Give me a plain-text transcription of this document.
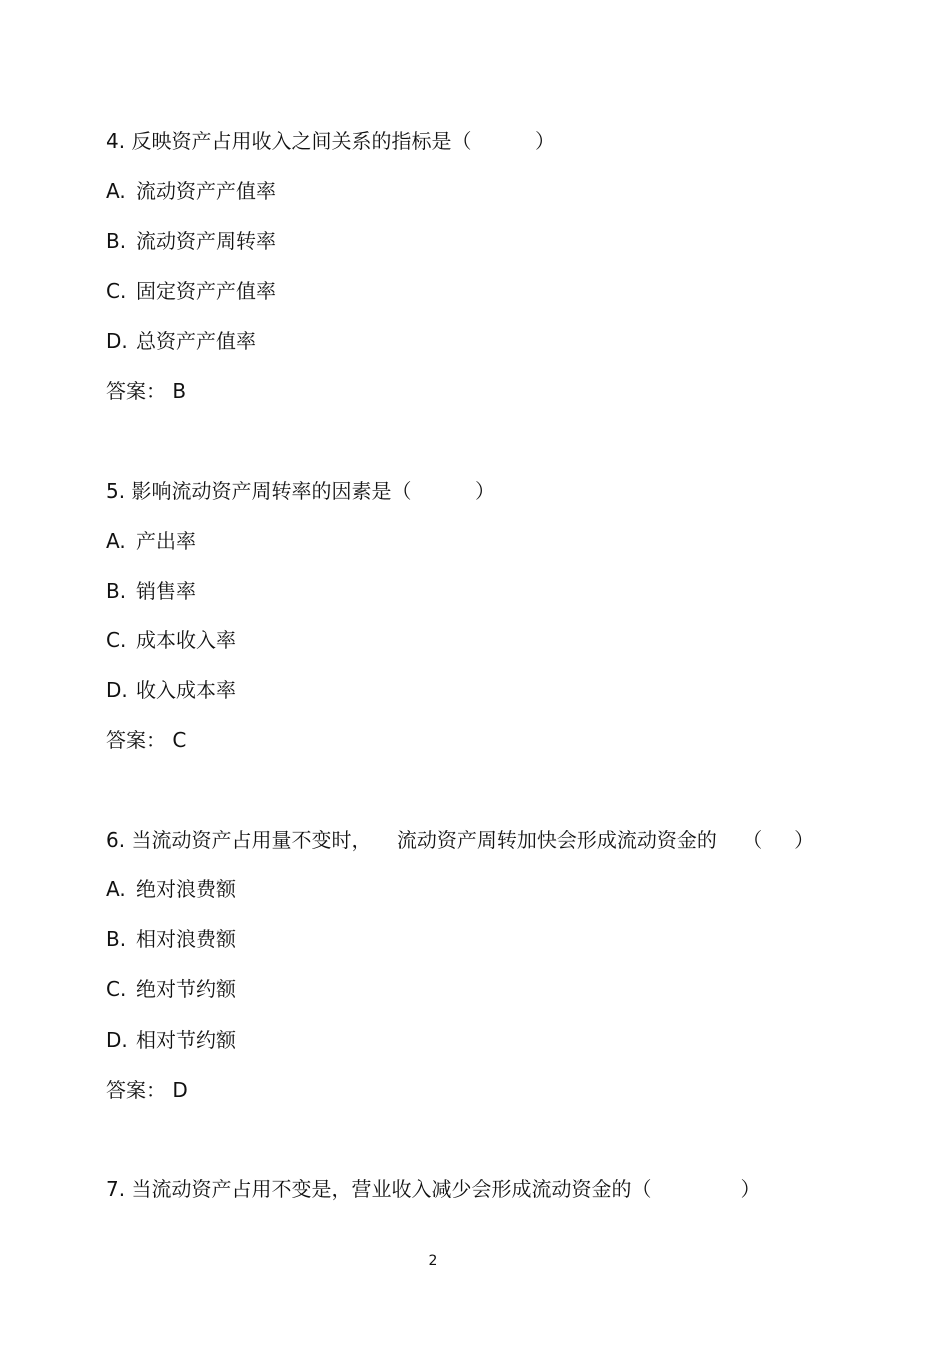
4. 反映资产占用收入之间关系的指标是（          ）
A. 流动资产产值率
B. 流动资产周转率
C. 固定资产产值率
D. 总资产产值率
答案： B
5. 影响流动资产周转率的因素是（          ）
A. 产出率
B. 销售率
C. 成本收入率
D. 收入成本率
答案： C
6. 当流动资产占用量不变时，    流动资产周转加快会形成流动资金的    （     ）
A. 绝对浪费额
B. 相对浪费额
C. 绝对节约额
D. 相对节约额
答案： D
7. 当流动资产占用不变是，营业收入减少会形成流动资金的（              ）
2
